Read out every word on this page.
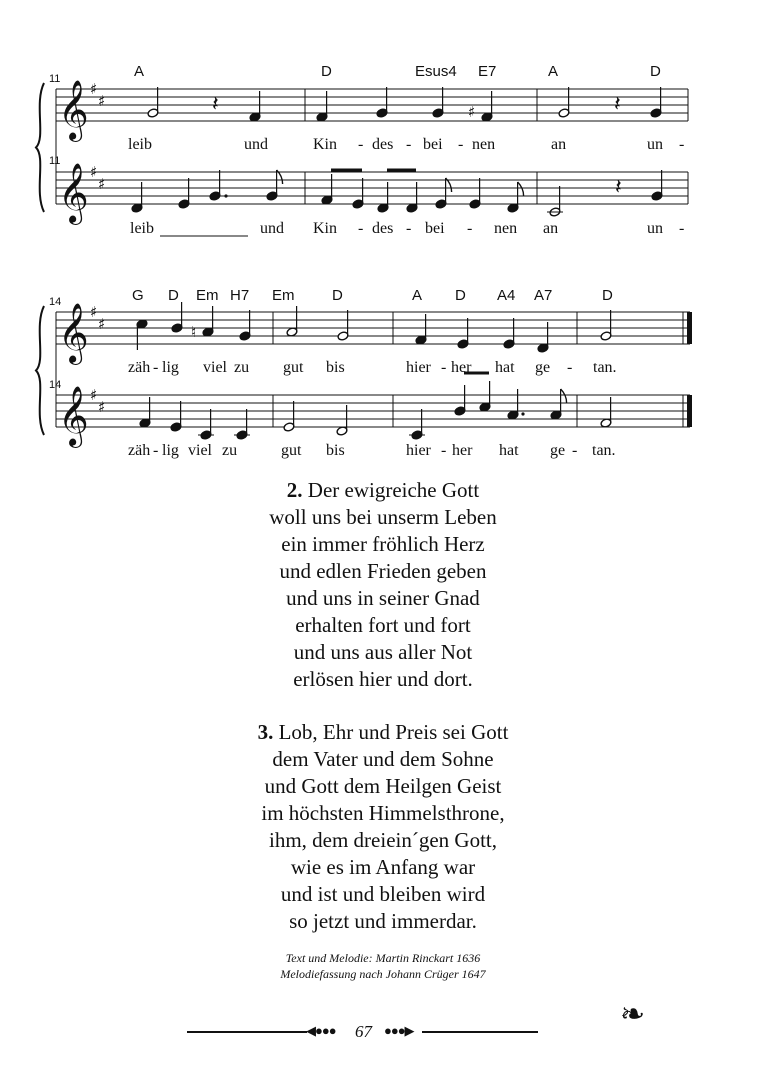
𝄞
𝄞
♯
♯
♯
♯
𝄽	♯	𝄽
𝄽
11
11
A	D	Esus4 E7	A	D
leib	und	Kin - des - bei - nen	an	un -
leib	und Kin - des - bei - nen an	un -
𝄞
𝄞
♯
♯
♯
♯
♮
14
14
G D Em H7 Em	D	A D A4 A7	D
zäh - lig viel zu gut bis	hier - her hat ge - tan.
zäh - lig viel zu	gut bis	hier - her hat ge - tan.
2. Der ewigreiche Gott
woll uns bei unserm Leben
ein immer fröhlich Herz
und edlen Frieden geben
und uns in seiner Gnad
erhalten fort und fort
und uns aus aller Not
erlösen hier und dort.
3. Lob, Ehr und Preis sei Gott
dem Vater und dem Sohne
und Gott dem Heilgen Geist
im höchsten Himmelsthrone,
ihm, dem dreiein´gen Gott,
wie es im Anfang war
und ist und bleiben wird
so jetzt und immerdar.
Text und Melodie: Martin Rinckart 1636
Melodiefassung nach Johann Crüger 1647
◀●●● 67 ●●●▶	❧
